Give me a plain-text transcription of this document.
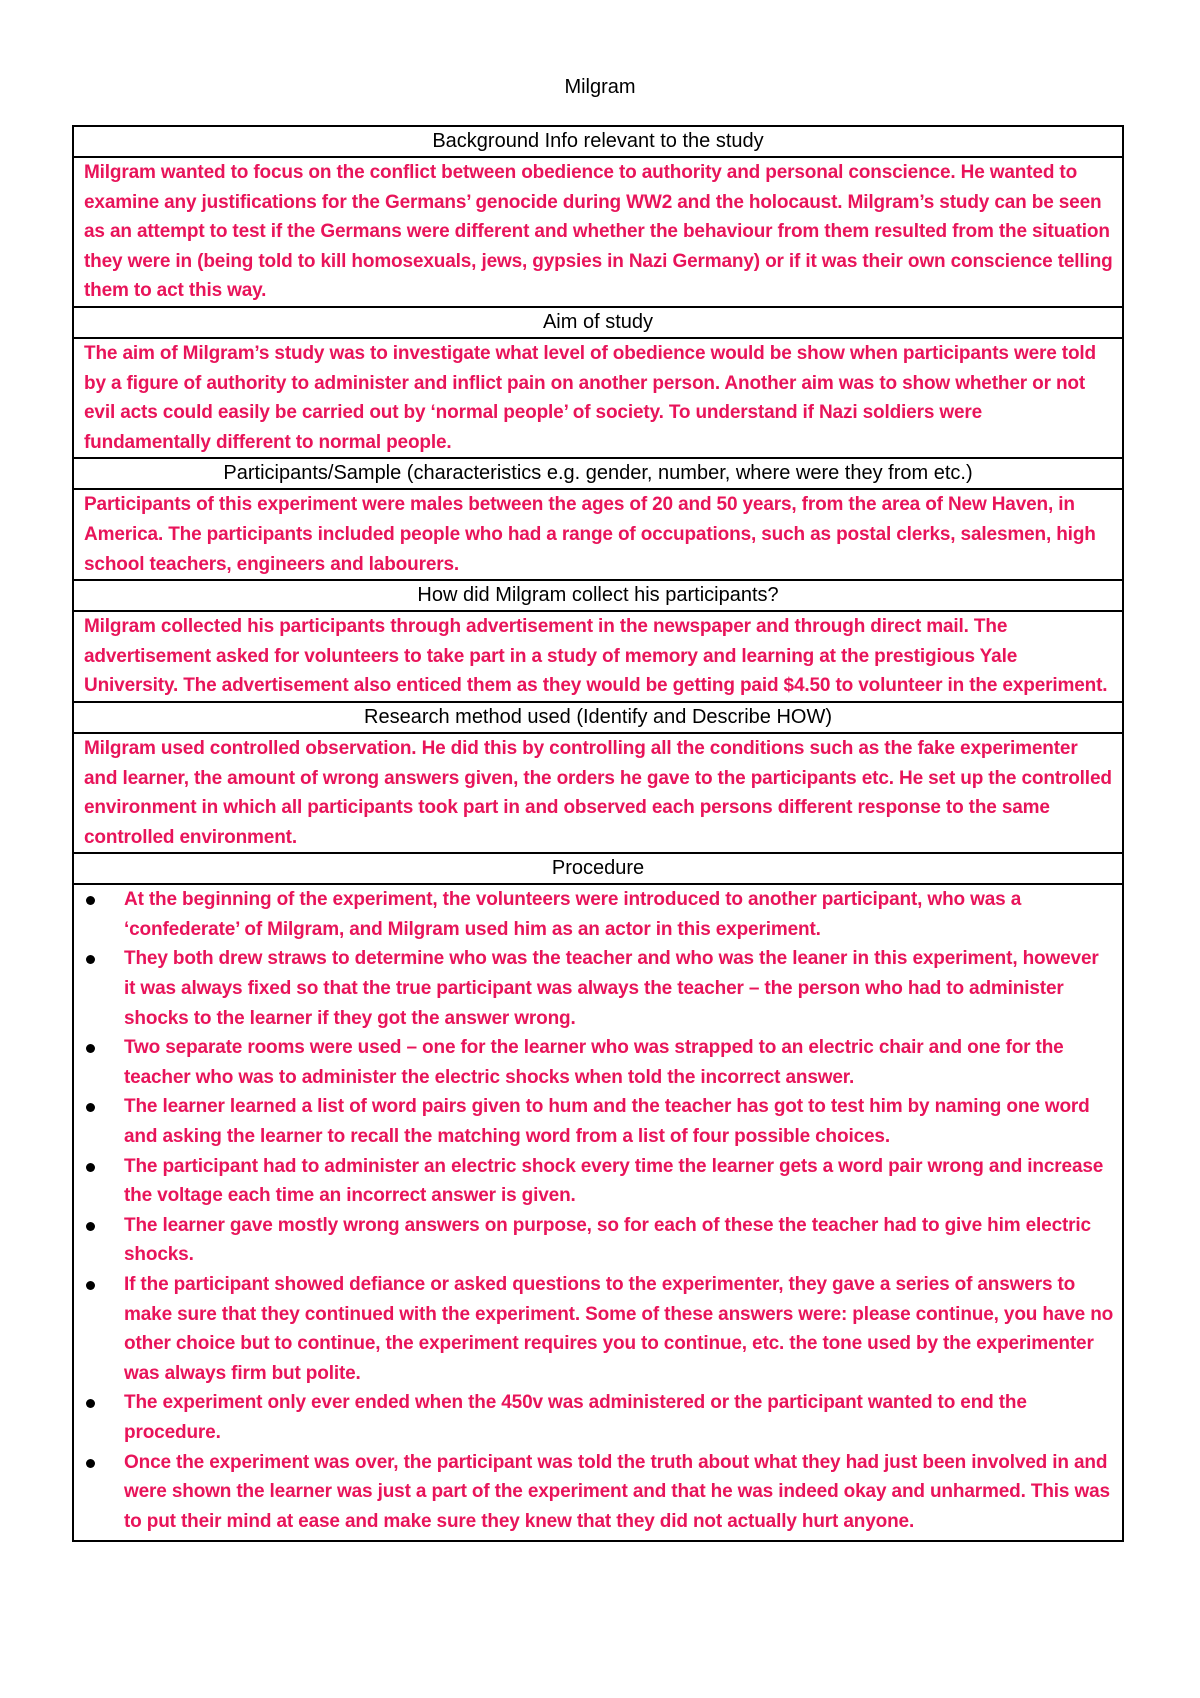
Milgram
Background Info relevant to the study
Milgram wanted to focus on the conflict between obedience to authority and personal conscience. He wanted to examine any justifications for the Germans’ genocide during WW2 and the holocaust. Milgram’s study can be seen as an attempt to test if the Germans were different and whether the behaviour from them resulted from the situation they were in (being told to kill homosexuals, jews, gypsies in Nazi Germany) or if it was their own conscience telling them to act this way.
Aim of study
The aim of Milgram’s study was to investigate what level of obedience would be show when participants were told by a figure of authority to administer and inflict pain on another person. Another aim was to show whether or not evil acts could easily be carried out by ‘normal people’ of society. To understand if Nazi soldiers were fundamentally different to normal people.
Participants/Sample (characteristics e.g. gender, number, where were they from etc.)
Participants of this experiment were males between the ages of 20 and 50 years, from the area of New Haven, in America. The participants included people who had a range of occupations, such as postal clerks, salesmen, high school teachers, engineers and labourers.
How did Milgram collect his participants?
Milgram collected his participants through advertisement in the newspaper and through direct mail. The advertisement asked for volunteers to take part in a study of memory and learning at the prestigious Yale University. The advertisement also enticed them as they would be getting paid $4.50 to volunteer in the experiment.
Research method used (Identify and Describe HOW)
Milgram used controlled observation. He did this by controlling all the conditions such as the fake experimenter and learner, the amount of wrong answers given, the orders he gave to the participants etc. He set up the controlled environment in which all participants took part in and observed each persons different response to the same controlled environment.
Procedure
At the beginning of the experiment, the volunteers were introduced to another participant, who was a ‘confederate’ of Milgram, and Milgram used him as an actor in this experiment.
They both drew straws to determine who was the teacher and who was the leaner in this experiment, however it was always fixed so that the true participant was always the teacher – the person who had to administer shocks to the learner if they got the answer wrong.
Two separate rooms were used – one for the learner who was strapped to an electric chair and one for the teacher who was to administer the electric shocks when told the incorrect answer.
The learner learned a list of word pairs given to hum and the teacher has got to test him by naming one word and asking the learner to recall the matching word from a list of four possible choices.
The participant had to administer an electric shock every time the learner gets a word pair wrong and increase the voltage each time an incorrect answer is given.
The learner gave mostly wrong answers on purpose, so for each of these the teacher had to give him electric shocks.
If the participant showed defiance or asked questions to the experimenter, they gave a series of answers to make sure that they continued with the experiment. Some of these answers were: please continue, you have no other choice but to continue, the experiment requires you to continue, etc. the tone used by the experimenter was always firm but polite.
The experiment only ever ended when the 450v was administered or the participant wanted to end the procedure.
Once the experiment was over, the participant was told the truth about what they had just been involved in and were shown the learner was just a part of the experiment and that he was indeed okay and unharmed. This was to put their mind at ease and make sure they knew that they did not actually hurt anyone.
